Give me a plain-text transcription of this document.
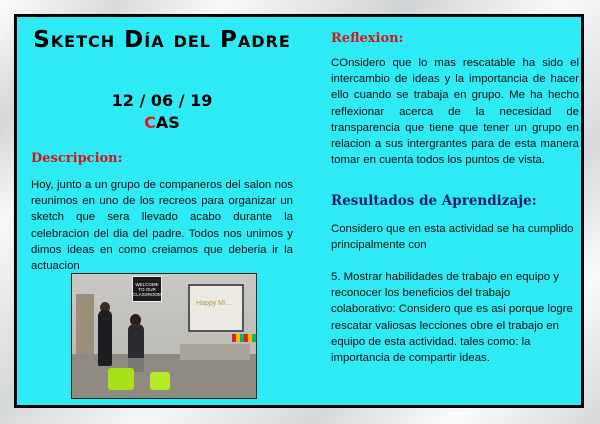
Sketch Día del Padre
12 / 06 / 19
CAS
Descripcion:
Hoy, junto a un grupo de companeros del salon nos reunimos en uno de los recreos para organizar un sketch que sera llevado acabo durante la celebracion del dia del padre. Todos nos unimos y dimos ideas en como creiamos que deberia ir la actuacion
WELCOME TO OUR CLASSROOM
Happy Mi...
Reflexion:
COnsidero que lo mas rescatable ha sido el intercambio de ideas y la importancia de hacer ello cuando se trabaja en grupo. Me ha hecho reflexionar acerca de la necesidad de transparencia que tiene que tener un grupo en relacion a sus intergrantes para de esta manera tomar en cuenta todos los puntos de vista.
Resultados de Aprendizaje:
Considero que en esta actividad se ha cumplido principalmente con
5. Mostrar habilidades de trabajo en equipo y reconocer los beneficios del trabajo colaborativo: Considero que es asi porque logre rescatar valiosas lecciones obre el trabajo en equipo de esta actividad. tales como: la importancia de compartir ideas.
